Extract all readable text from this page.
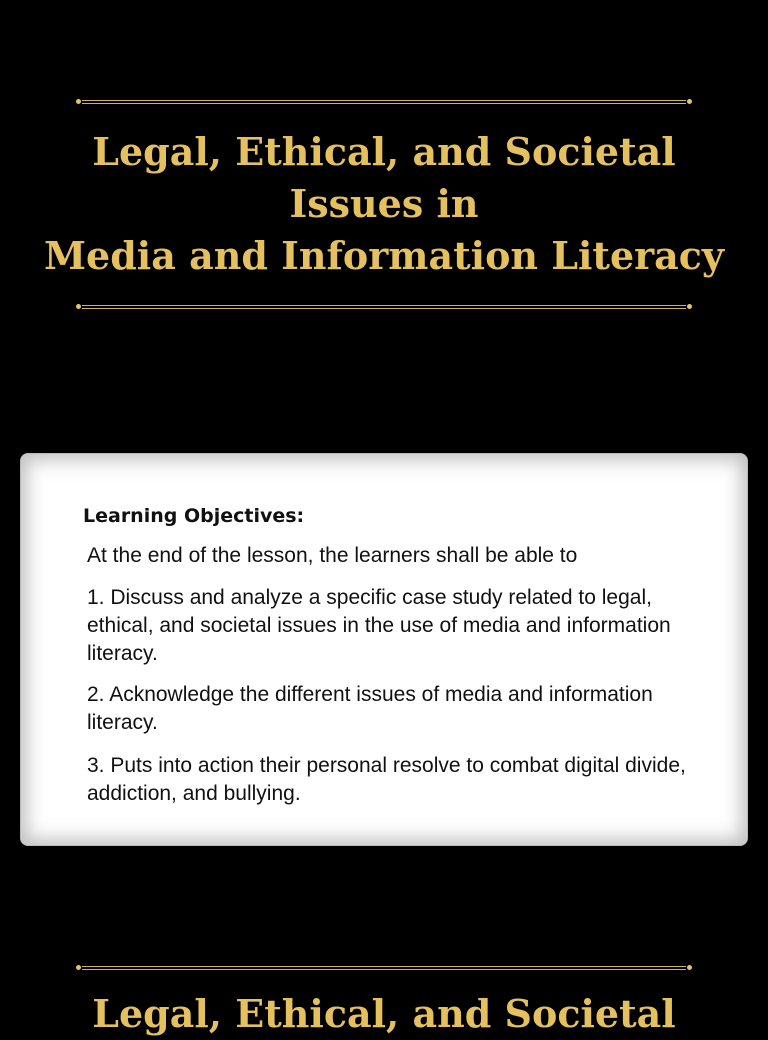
Legal, Ethical, and Societal
Issues in
Media and Information Literacy

Learning Objectives:

At the end of the lesson, the learners shall be able to

1. Discuss and analyze a specific case study related to legal, ethical, and societal issues in the use of media and information literacy.

2. Acknowledge the different issues of media and information literacy.

3. Puts into action their personal resolve to combat digital divide, addiction, and bullying.

Legal, Ethical, and Societal
